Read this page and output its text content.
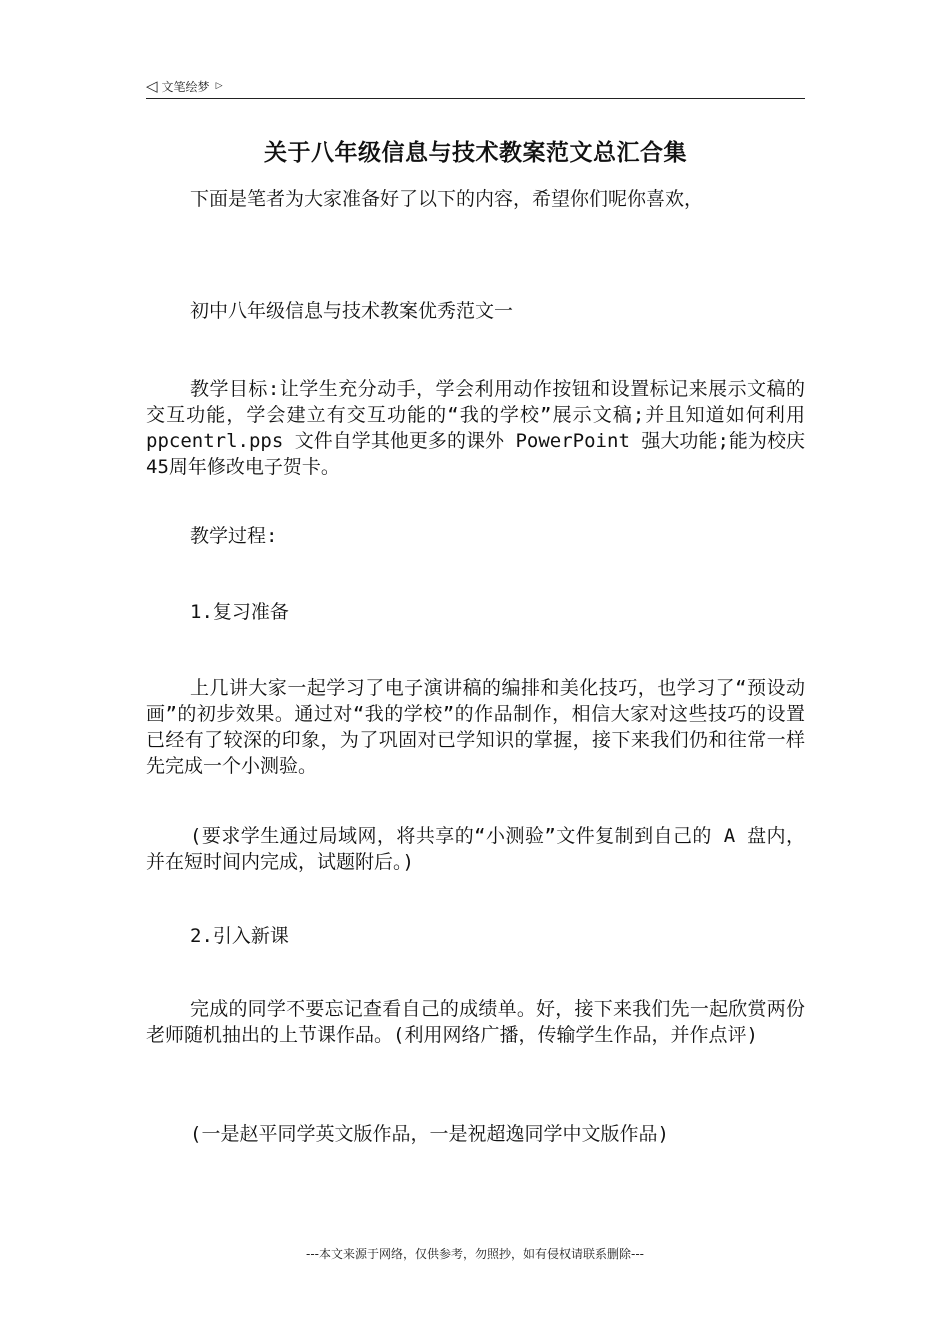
◁ 文笔绘梦 ▷
关于八年级信息与技术教案范文总汇合集

下面是笔者为大家准备好了以下的内容，希望你们呢你喜欢，

初中八年级信息与技术教案优秀范文一

教学目标:让学生充分动手，学会利用动作按钮和设置标记来展示文稿的交互功能，学会建立有交互功能的“我的学校”展示文稿;并且知道如何利用 ppcentrl.pps 文件自学其他更多的课外 PowerPoint 强大功能;能为校庆45周年修改电子贺卡。

教学过程:

1.复习准备

上几讲大家一起学习了电子演讲稿的编排和美化技巧，也学习了“预设动画”的初步效果。通过对“我的学校”的作品制作，相信大家对这些技巧的设置已经有了较深的印象，为了巩固对已学知识的掌握，接下来我们仍和往常一样先完成一个小测验。

(要求学生通过局域网，将共享的“小测验”文件复制到自己的 A 盘内，并在短时间内完成，试题附后。)

2.引入新课

完成的同学不要忘记查看自己的成绩单。好，接下来我们先一起欣赏两份老师随机抽出的上节课作品。(利用网络广播，传输学生作品，并作点评)

(一是赵平同学英文版作品，一是祝超逸同学中文版作品)

---本文来源于网络，仅供参考，勿照抄，如有侵权请联系删除---
